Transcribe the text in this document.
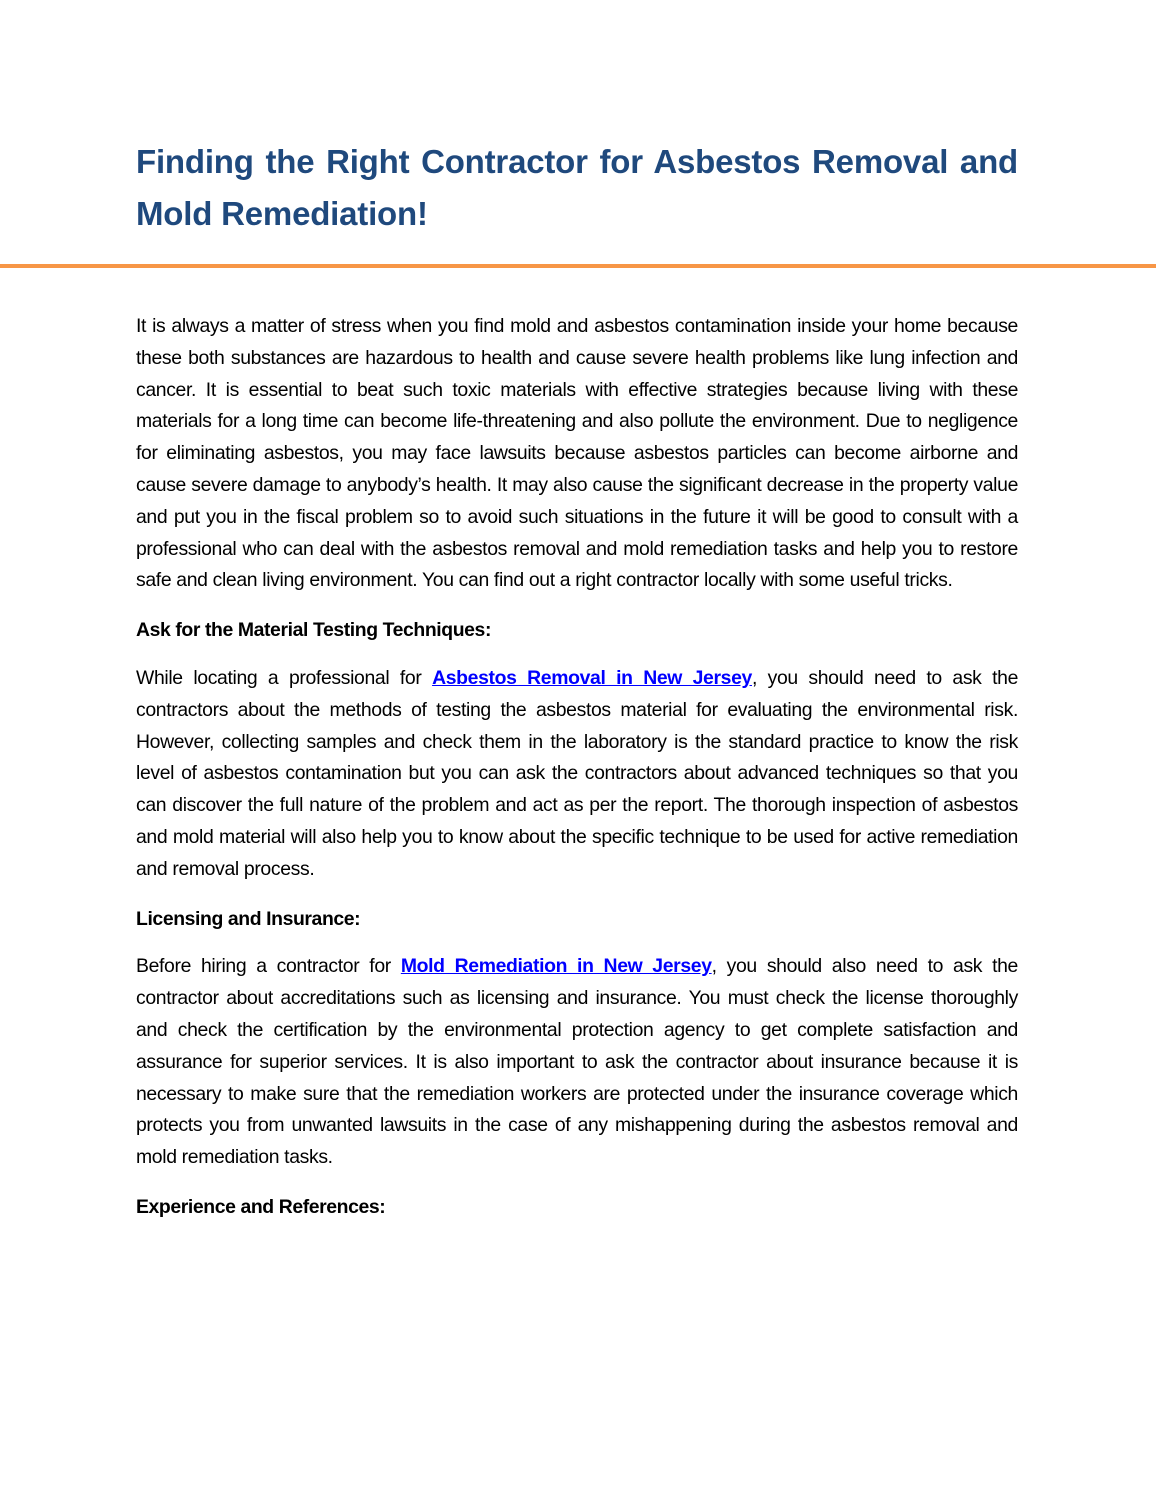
Finding the Right Contractor for Asbestos Removal and Mold Remediation!

It is always a matter of stress when you find mold and asbestos contamination inside your home because these both substances are hazardous to health and cause severe health problems like lung infection and cancer. It is essential to beat such toxic materials with effective strategies because living with these materials for a long time can become life-threatening and also pollute the environment. Due to negligence for eliminating asbestos, you may face lawsuits because asbestos particles can become airborne and cause severe damage to anybody’s health. It may also cause the significant decrease in the property value and put you in the fiscal problem so to avoid such situations in the future it will be good to consult with a professional who can deal with the asbestos removal and mold remediation tasks and help you to restore safe and clean living environment. You can find out a right contractor locally with some useful tricks.

Ask for the Material Testing Techniques:

While locating a professional for Asbestos Removal in New Jersey, you should need to ask the contractors about the methods of testing the asbestos material for evaluating the environmental risk. However, collecting samples and check them in the laboratory is the standard practice to know the risk level of asbestos contamination but you can ask the contractors about advanced techniques so that you can discover the full nature of the problem and act as per the report. The thorough inspection of asbestos and mold material will also help you to know about the specific technique to be used for active remediation and removal process.

Licensing and Insurance:

Before hiring a contractor for Mold Remediation in New Jersey, you should also need to ask the contractor about accreditations such as licensing and insurance. You must check the license thoroughly and check the certification by the environmental protection agency to get complete satisfaction and assurance for superior services. It is also important to ask the contractor about insurance because it is necessary to make sure that the remediation workers are protected under the insurance coverage which protects you from unwanted lawsuits in the case of any mishappening during the asbestos removal and mold remediation tasks.

Experience and References:
